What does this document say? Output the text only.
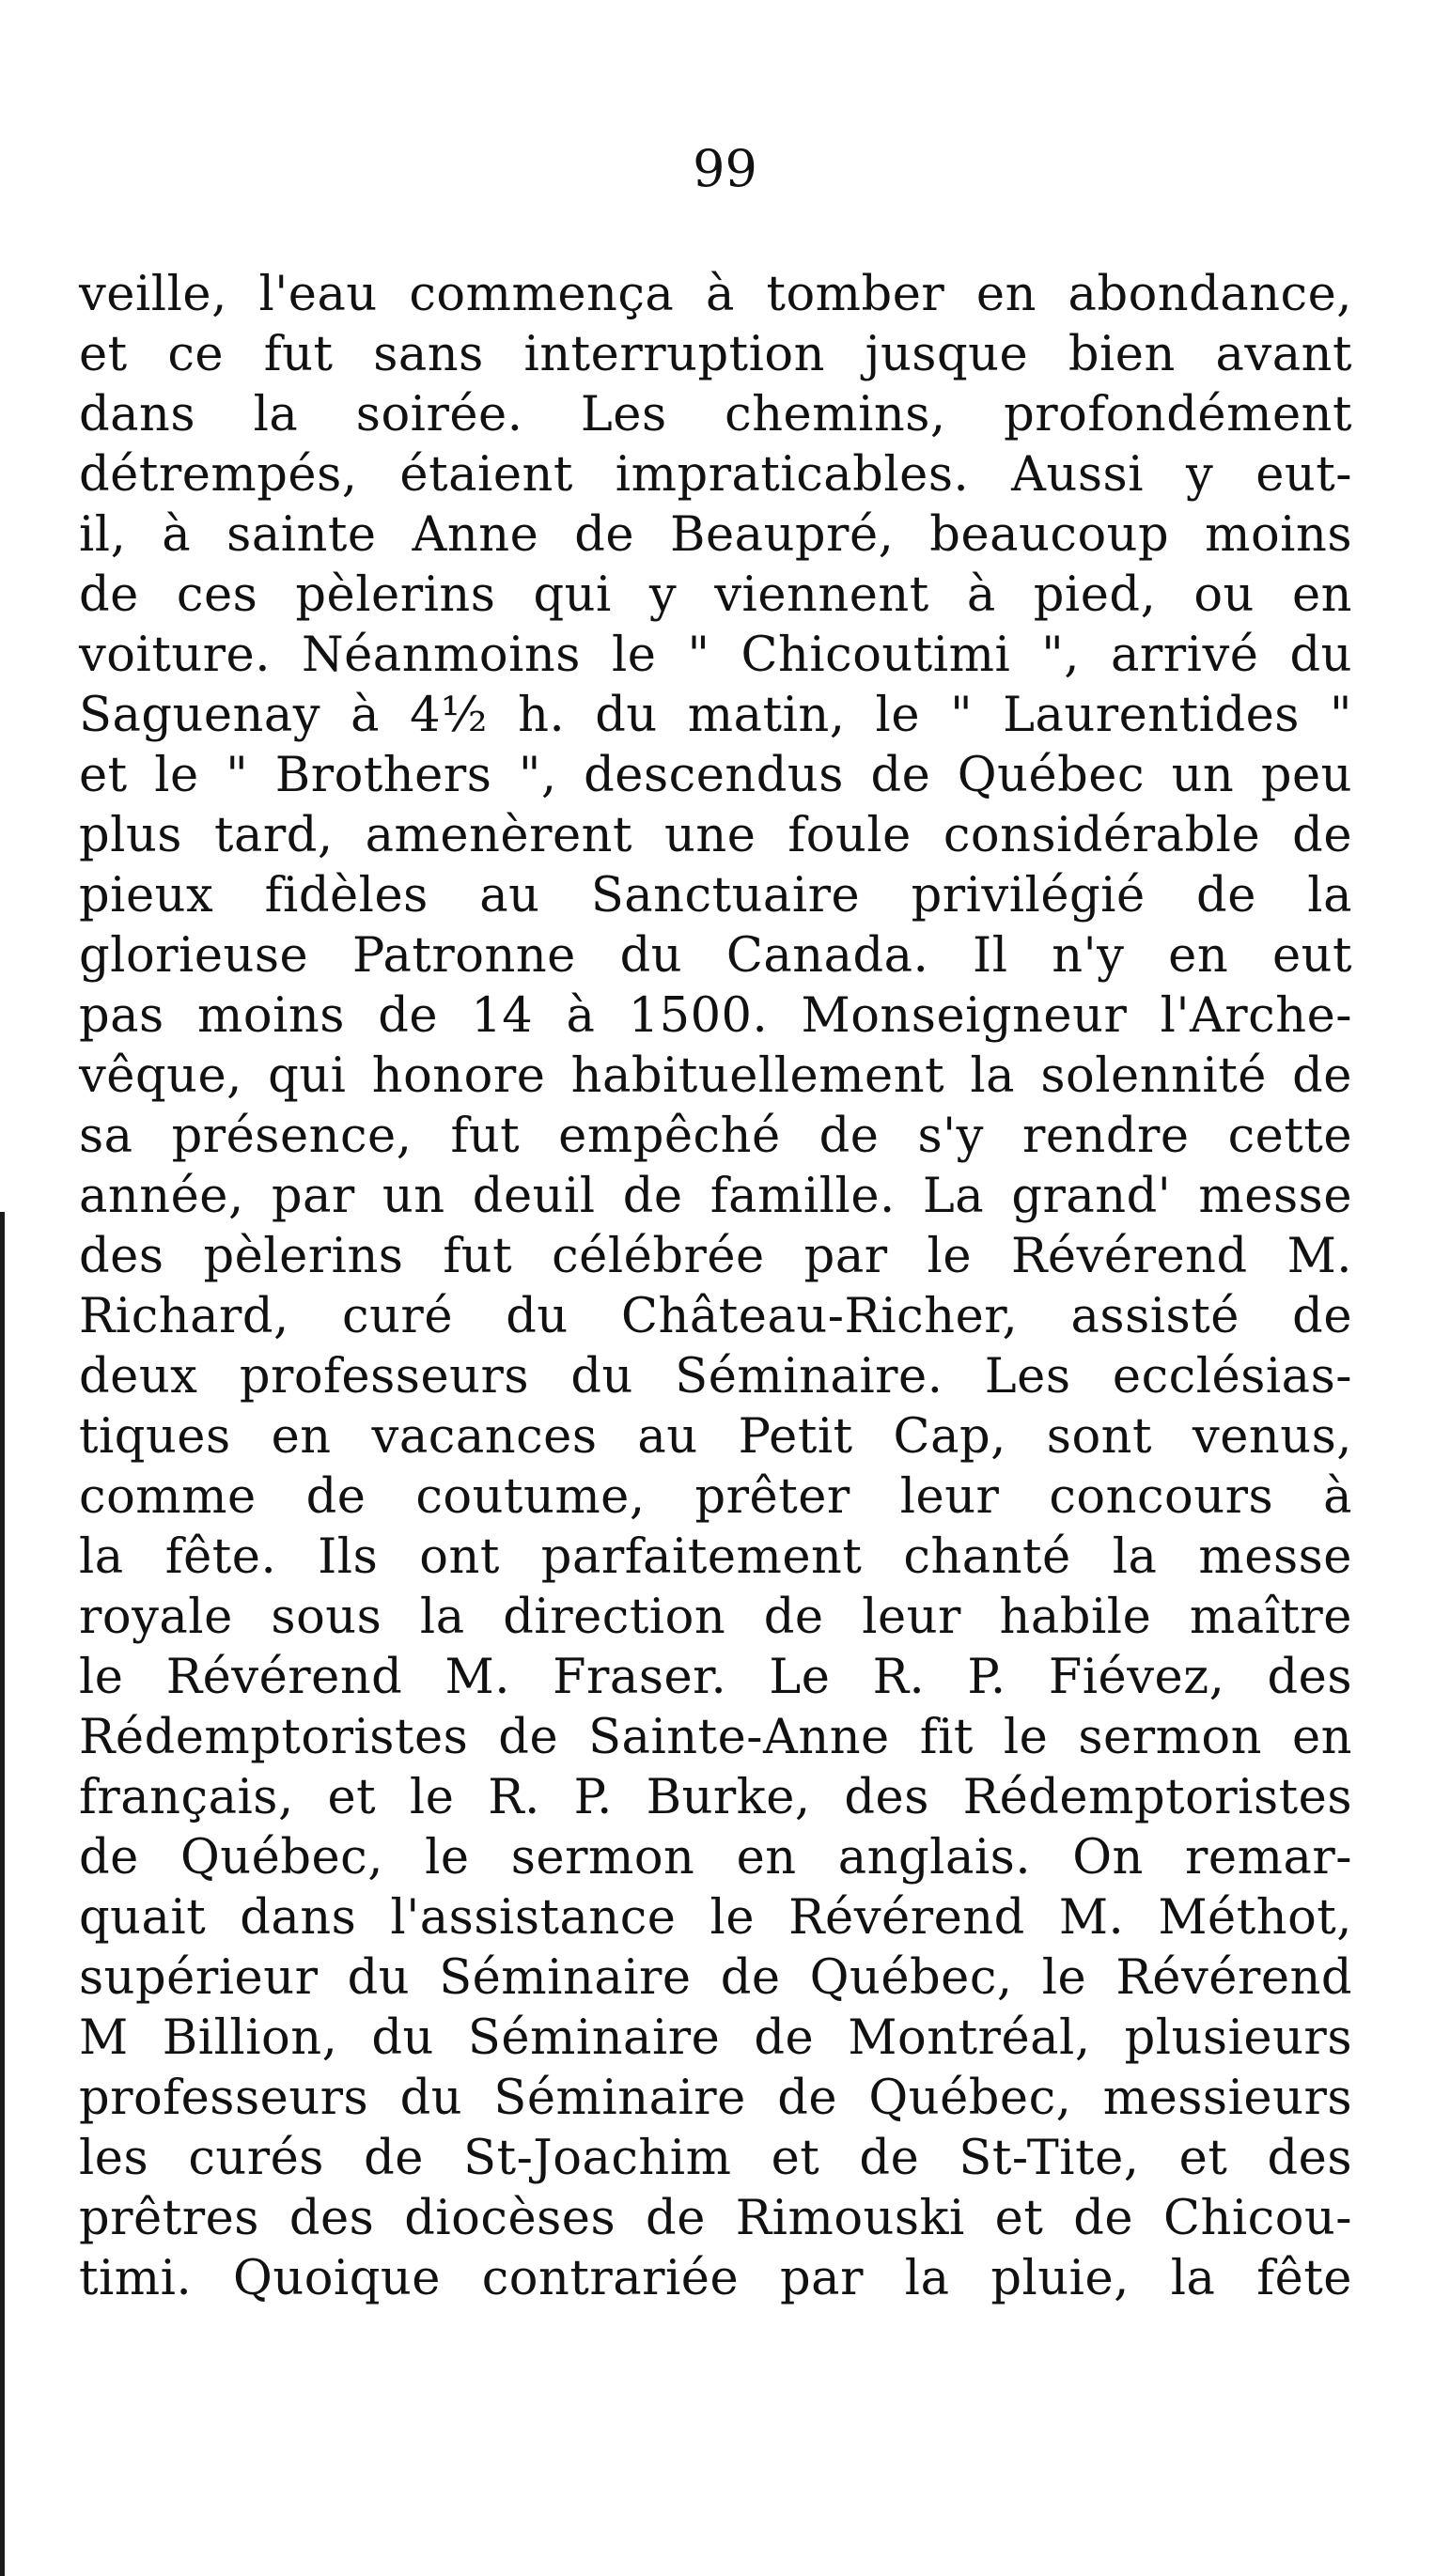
99
veille, l'eau commença à tomber en abondance,
et ce fut sans interruption jusque bien avant
dans la soirée. Les chemins, profondément
détrempés, étaient impraticables. Aussi y eut-
il, à sainte Anne de Beaupré, beaucoup moins
de ces pèlerins qui y viennent à pied, ou en
voiture. Néanmoins le " Chicoutimi ", arrivé du
Saguenay à 4½ h. du matin, le " Laurentides "
et le " Brothers ", descendus de Québec un peu
plus tard, amenèrent une foule considérable de
pieux fidèles au Sanctuaire privilégié de la
glorieuse Patronne du Canada. Il n'y en eut
pas moins de 14 à 1500. Monseigneur l'Arche-
vêque, qui honore habituellement la solennité de
sa présence, fut empêché de s'y rendre cette
année, par un deuil de famille. La grand' messe
des pèlerins fut célébrée par le Révérend M.
Richard, curé du Château-Richer, assisté de
deux professeurs du Séminaire. Les ecclésias-
tiques en vacances au Petit Cap, sont venus,
comme de coutume, prêter leur concours à
la fête. Ils ont parfaitement chanté la messe
royale sous la direction de leur habile maître
le Révérend M. Fraser. Le R. P. Fiévez, des
Rédemptoristes de Sainte-Anne fit le sermon en
français, et le R. P. Burke, des Rédemptoristes
de Québec, le sermon en anglais. On remar-
quait dans l'assistance le Révérend M. Méthot,
supérieur du Séminaire de Québec, le Révérend
M Billion, du Séminaire de Montréal, plusieurs
professeurs du Séminaire de Québec, messieurs
les curés de St-Joachim et de St-Tite, et des
prêtres des diocèses de Rimouski et de Chicou-
timi. Quoique contrariée par la pluie, la fête
